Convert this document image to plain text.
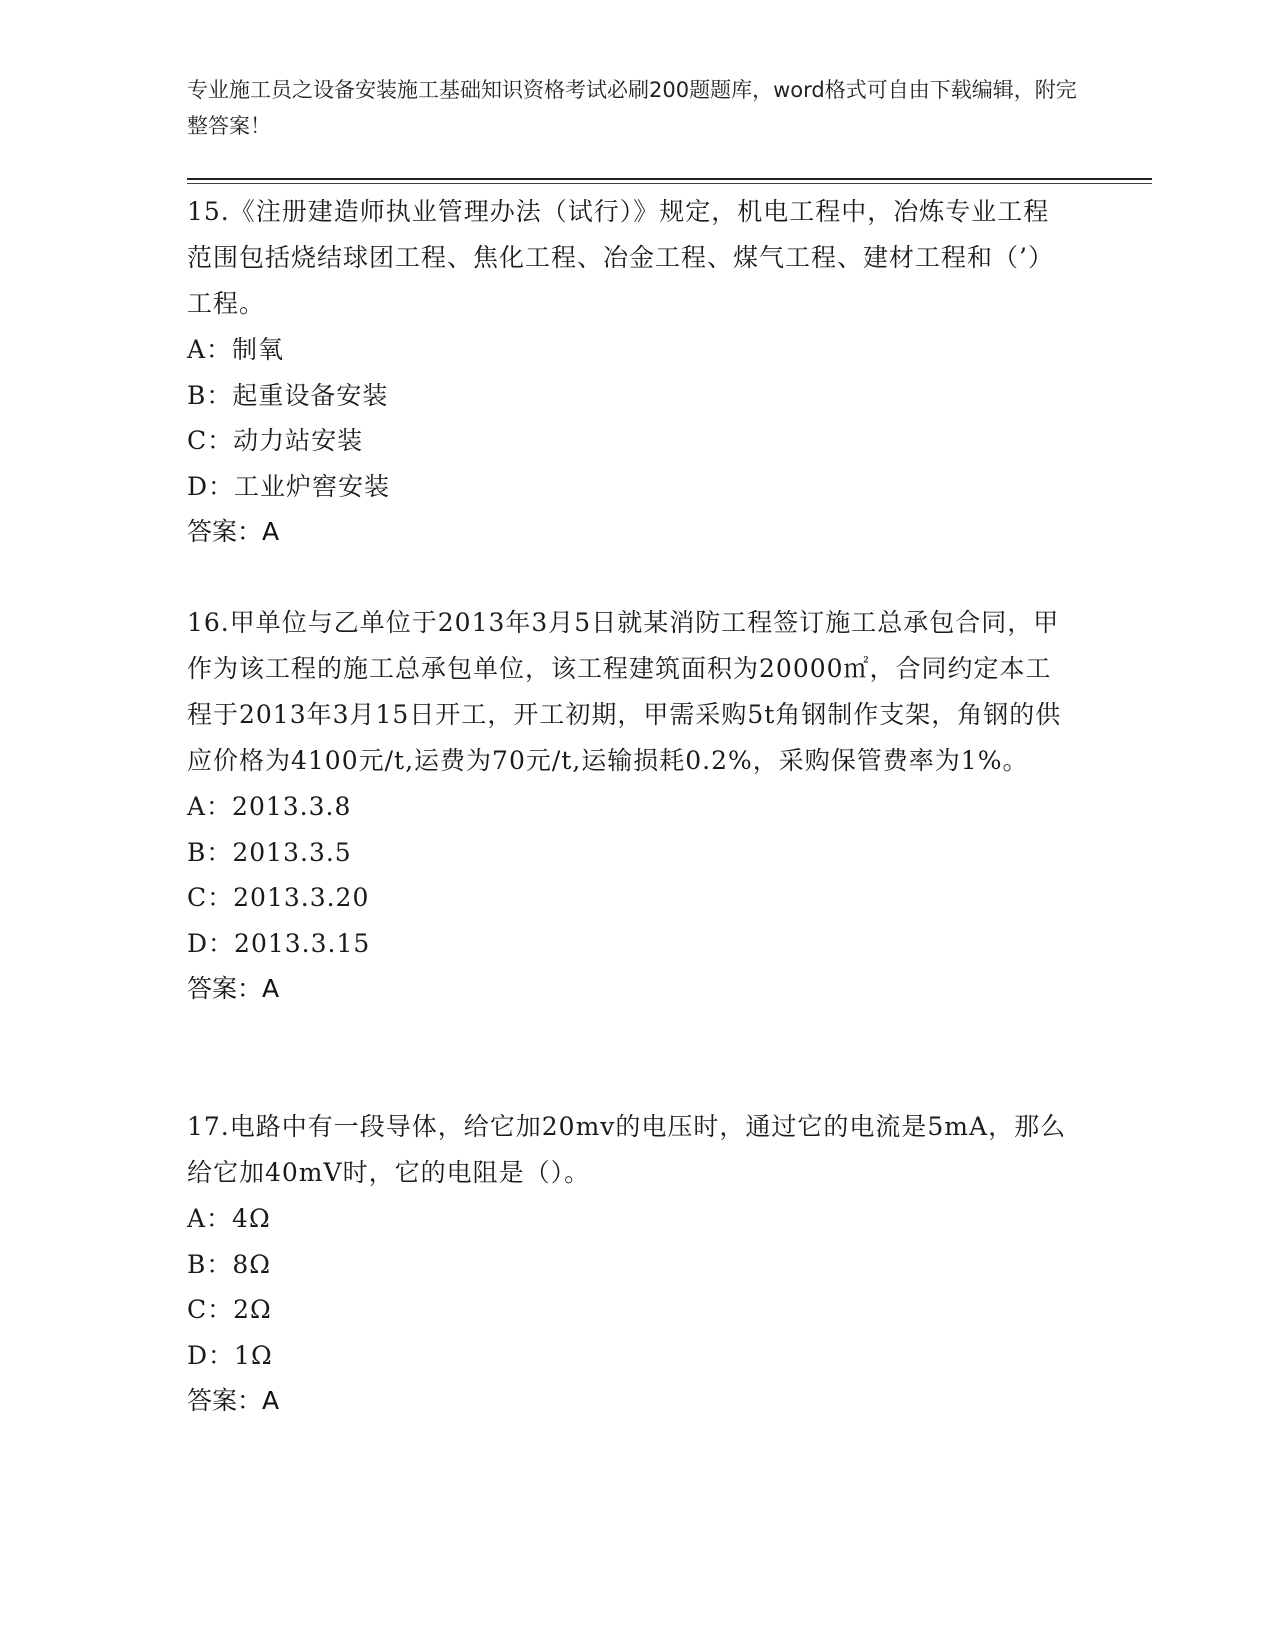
专业施工员之设备安装施工基础知识资格考试必刷200题题库，word格式可自由下载编辑，附完整答案！

15.《注册建造师执业管理办法（试行）》规定，机电工程中，冶炼专业工程范围包括烧结球团工程、焦化工程、冶金工程、煤气工程、建材工程和（’）工程。

A：制氧
B：起重设备安装
C：动力站安装
D：工业炉窖安装

答案：A

16.甲单位与乙单位于2013年3月5日就某消防工程签订施工总承包合同，甲作为该工程的施工总承包单位，该工程建筑面积为20000㎡，合同约定本工程于2013年3月15日开工，开工初期，甲需采购5t角钢制作支架，角钢的供应价格为4100元/t,运费为70元/t,运输损耗0.2%，采购保管费率为1%。

A：2013.3.8
B：2013.3.5
C：2013.3.20
D：2013.3.15

答案：A

17.电路中有一段导体，给它加20mv的电压时，通过它的电流是5mA，那么给它加40mV时，它的电阻是（）。

A：4Ω
B：8Ω
C：2Ω
D：1Ω

答案：A
